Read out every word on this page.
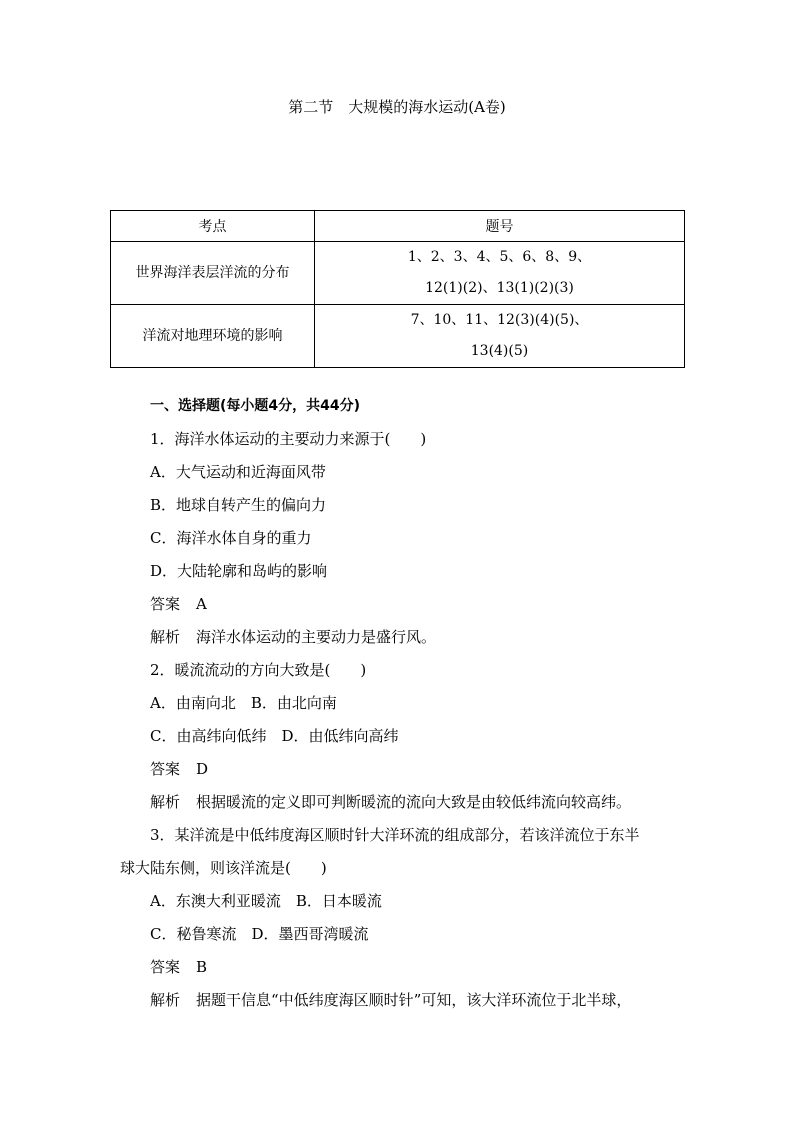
第二节　大规模的海水运动(A卷)
考点	题号
世界海洋表层洋流的分布	1、2、3、4、5、6、8、9、
12(1)(2)、13(1)(2)(3)

洋流对地理环境的影响	7、10、11、12(3)(4)(5)、
13(4)(5)
一、选择题(每小题4分，共44分)
1．海洋水体运动的主要动力来源于(　　)
A．大气运动和近海面风带
B．地球自转产生的偏向力
C．海洋水体自身的重力
D．大陆轮廓和岛屿的影响
答案 A
解析 海洋水体运动的主要动力是盛行风。
2．暖流流动的方向大致是(　　)
A．由南向北　B．由北向南
C．由高纬向低纬　D．由低纬向高纬
答案 D
解析 根据暖流的定义即可判断暖流的流向大致是由较低纬流向较高纬。
3．某洋流是中低纬度海区顺时针大洋环流的组成部分，若该洋流位于东半
球大陆东侧，则该洋流是(　　)
A．东澳大利亚暖流　B．日本暖流
C．秘鲁寒流　D．墨西哥湾暖流
答案 B
解析 据题干信息“中低纬度海区顺时针”可知，该大洋环流位于北半球，
